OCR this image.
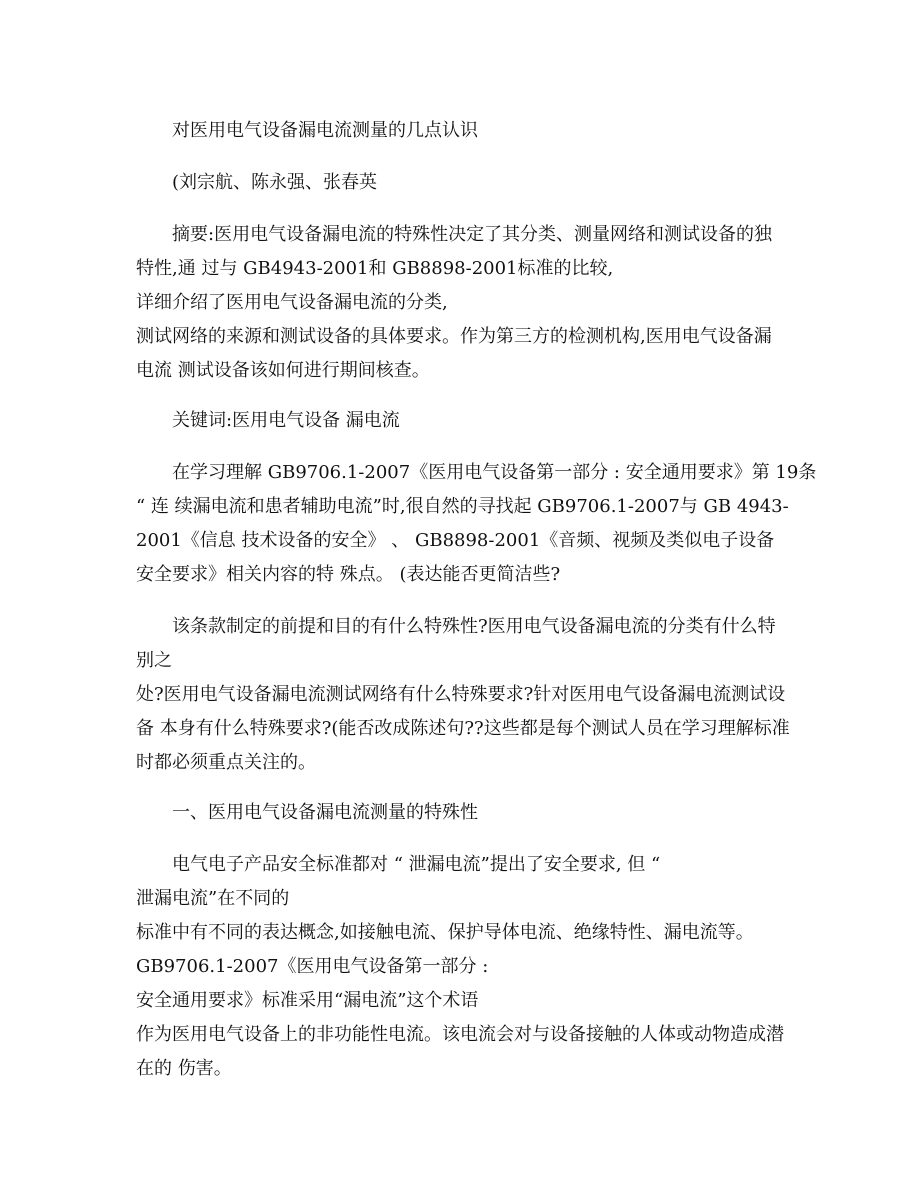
对医用电气设备漏电流测量的几点认识
(刘宗航、陈永强、张春英
摘要:医用电气设备漏电流的特殊性决定了其分类、测量网络和测试设备的独
特性,通 过与 GB4943-2001和 GB8898-2001标准的比较,
详细介绍了医用电气设备漏电流的分类,
测试网络的来源和测试设备的具体要求。作为第三方的检测机构,医用电气设备漏
电流 测试设备该如何进行期间核查。
关键词:医用电气设备 漏电流
在学习理解 GB9706.1-2007《医用电气设备第一部分 : 安全通用要求》第 19条
“ 连 续漏电流和患者辅助电流”时,很自然的寻找起 GB9706.1-2007与 GB 4943-
2001《信息 技术设备的安全》 、 GB8898-2001《音频、视频及类似电子设备
安全要求》相关内容的特 殊点。 (表达能否更简洁些?
该条款制定的前提和目的有什么特殊性?医用电气设备漏电流的分类有什么特
别之
处?医用电气设备漏电流测试网络有什么特殊要求?针对医用电气设备漏电流测试设
备 本身有什么特殊要求?(能否改成陈述句??这些都是每个测试人员在学习理解标准
时都必须重点关注的。
一、医用电气设备漏电流测量的特殊性
电气电子产品安全标准都对 “ 泄漏电流”提出了安全要求, 但 “
泄漏电流”在不同的
标准中有不同的表达概念,如接触电流、保护导体电流、绝缘特性、漏电流等。
GB9706.1-2007《医用电气设备第一部分 :
安全通用要求》标准采用“漏电流”这个术语
作为医用电气设备上的非功能性电流。该电流会对与设备接触的人体或动物造成潜
在的 伤害。
